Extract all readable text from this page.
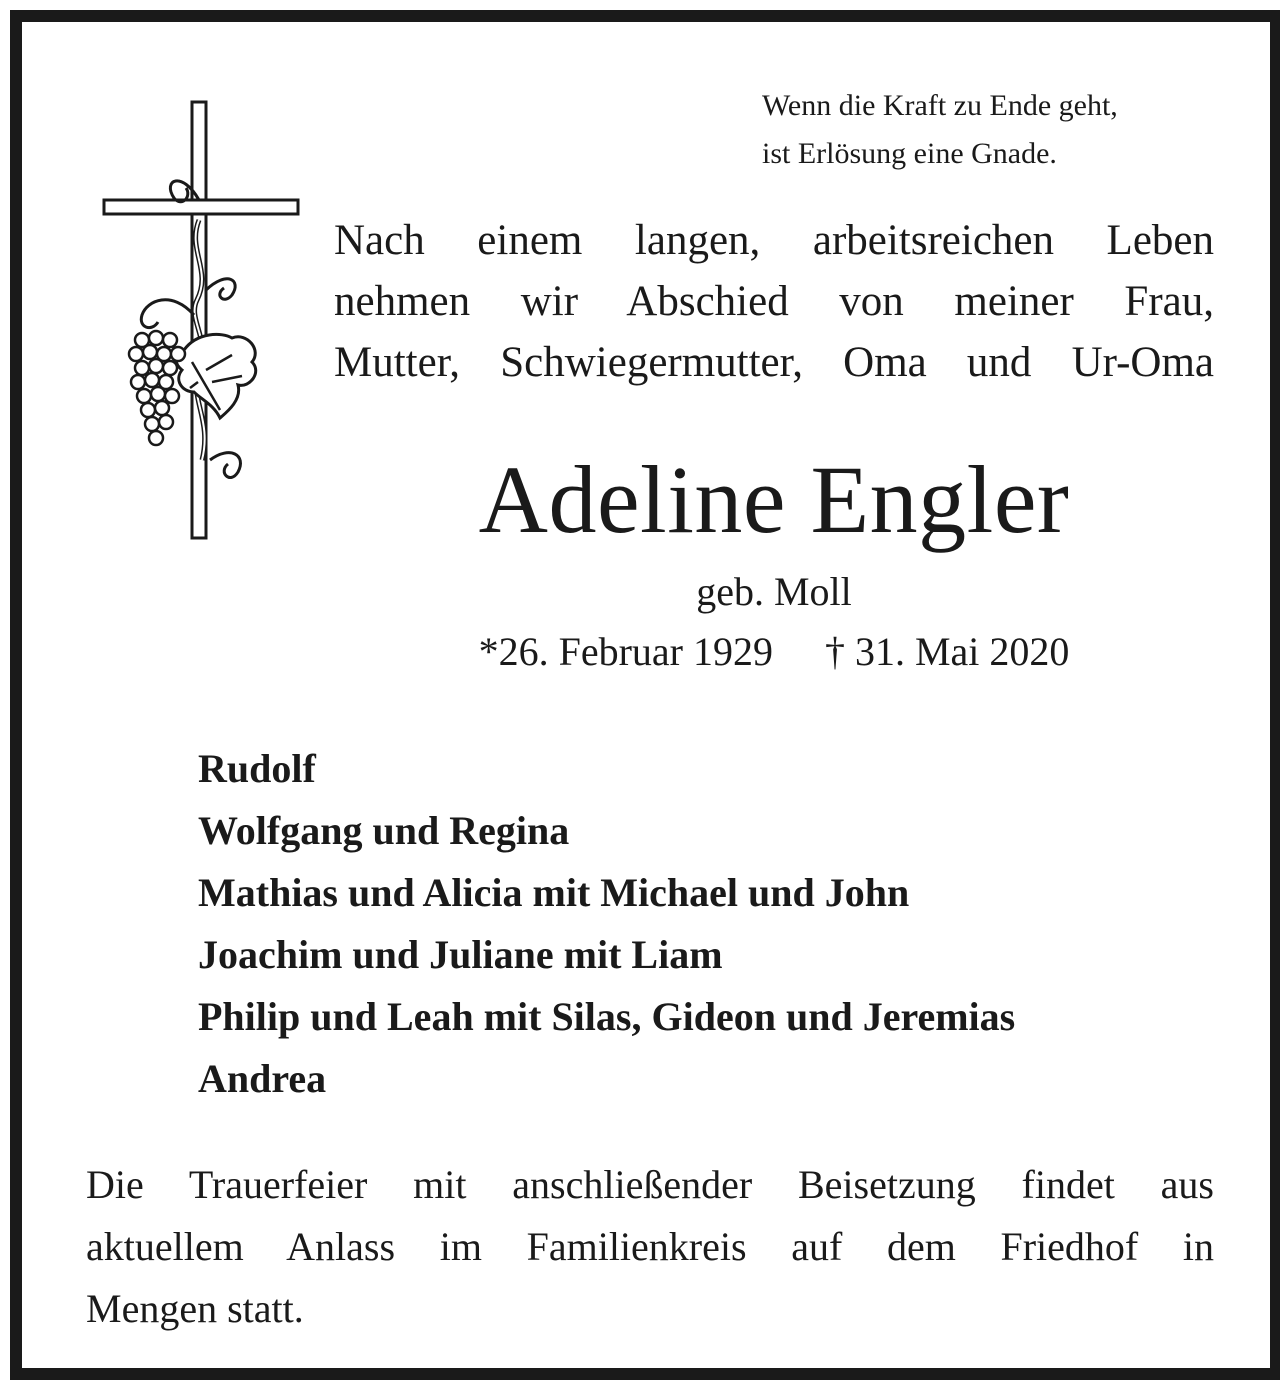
Wenn die Kraft zu Ende geht,
ist Erlösung eine Gnade.

Nach einem langen, arbeitsreichen Leben
nehmen wir Abschied von meiner Frau,
Mutter, Schwiegermutter, Oma und Ur-Oma

Adeline Engler

geb. Moll

*26. Februar 1929 † 31. Mai 2020

Rudolf
Wolfgang und Regina
Mathias und Alicia mit Michael und John
Joachim und Juliane mit Liam
Philip und Leah mit Silas, Gideon und Jeremias
Andrea

Die Trauerfeier mit anschließender Beisetzung findet aus
aktuellem Anlass im Familienkreis auf dem Friedhof in
Mengen statt.
